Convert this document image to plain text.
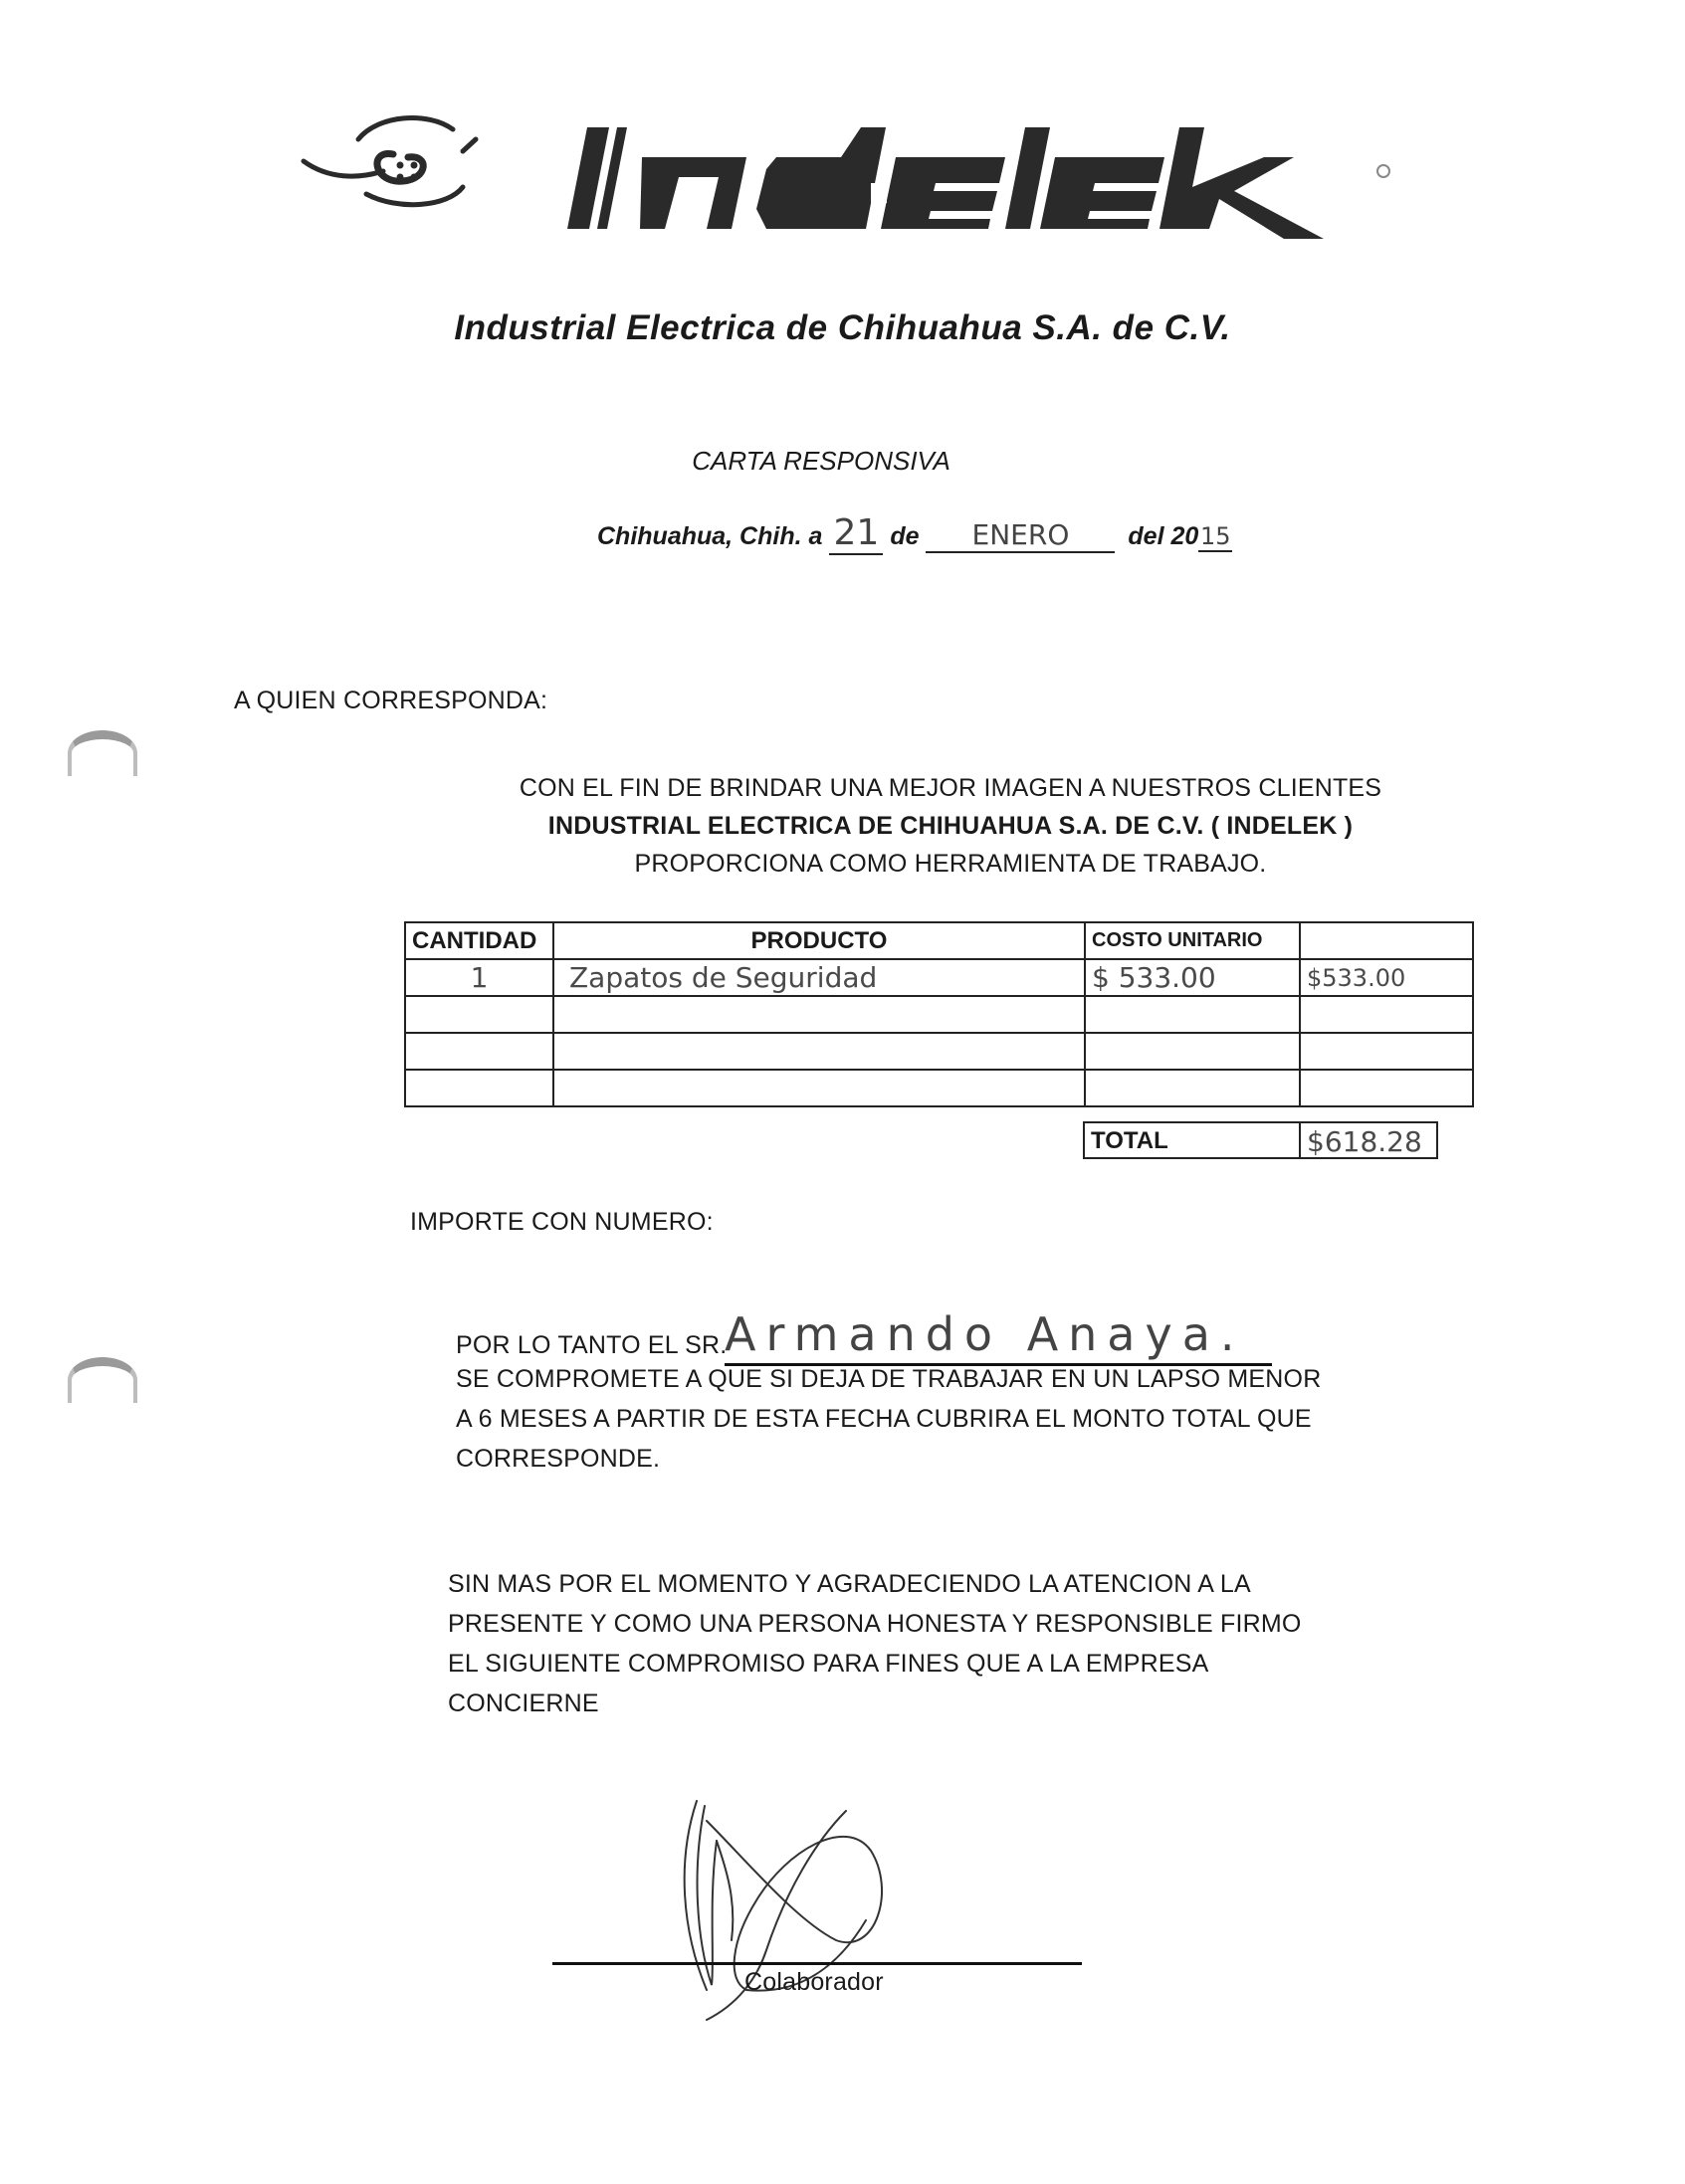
Industrial Electrica de Chihuahua S.A. de C.V.
CARTA RESPONSIVA
Chihuahua, Chih. a 21 de ENERO del 2015
A QUIEN CORRESPONDA:
CON EL FIN DE BRINDAR UNA MEJOR IMAGEN A NUESTROS CLIENTES
INDUSTRIAL ELECTRICA DE CHIHUAHUA S.A. DE C.V. ( INDELEK )
PROPORCIONA COMO HERRAMIENTA DE TRABAJO.
CANTIDAD	PRODUCTO	COSTO UNITARIO	
1	Zapatos de Seguridad	$ 533.00	$533.00

TOTAL	$618.28
IMPORTE CON NUMERO:
POR LO TANTO EL SR.
Armando Anaya.
SE COMPROMETE A QUE SI DEJA DE TRABAJAR EN UN LAPSO MENOR
A 6 MESES A PARTIR DE ESTA FECHA CUBRIRA EL MONTO TOTAL QUE
CORRESPONDE.
SIN MAS POR EL MOMENTO Y AGRADECIENDO LA ATENCION A LA
PRESENTE Y COMO UNA PERSONA HONESTA Y RESPONSIBLE FIRMO
EL SIGUIENTE COMPROMISO PARA FINES QUE A LA EMPRESA
CONCIERNE
Colaborador
